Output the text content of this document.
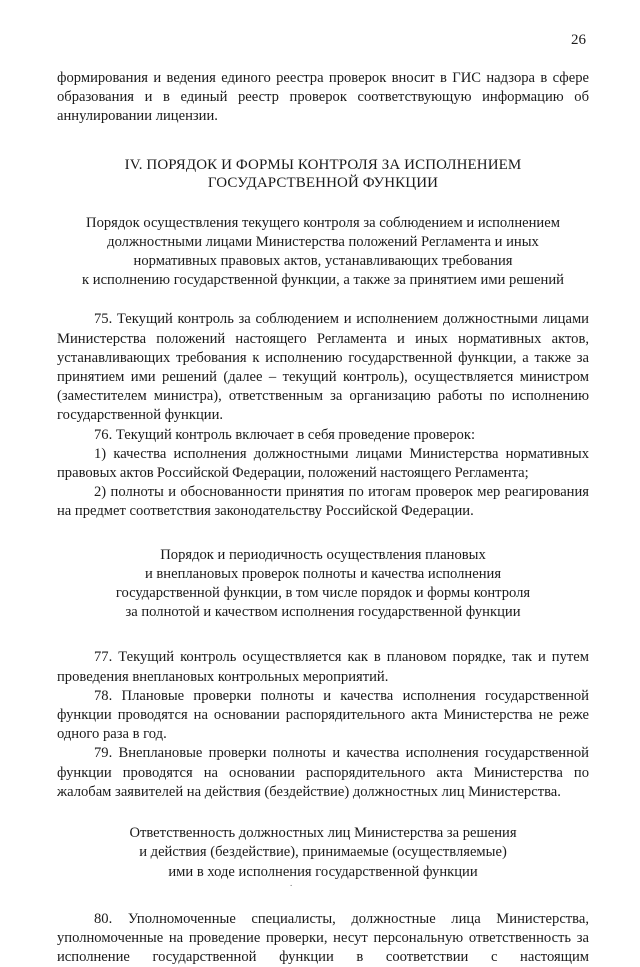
26

формирования и ведения единого реестра проверок вносит в ГИС надзора в сфере образования и в единый реестр проверок соответствующую информацию об аннулировании лицензии.

IV. ПОРЯДОК И ФОРМЫ КОНТРОЛЯ ЗА ИСПОЛНЕНИЕМ
ГОСУДАРСТВЕННОЙ ФУНКЦИИ
Порядок осуществления текущего контроля за соблюдением и исполнением
должностными лицами Министерства положений Регламента и иных
нормативных правовых актов, устанавливающих требования
к исполнению государственной функции, а также за принятием ими решений

75. Текущий контроль за соблюдением и исполнением должностными лицами Министерства положений настоящего Регламента и иных нормативных актов, устанавливающих требования к исполнению государственной функции, а также за принятием ими решений (далее – текущий контроль), осуществляется министром (заместителем министра), ответственным за организацию работы по исполнению государственной функции.

76. Текущий контроль включает в себя проведение проверок:

1) качества исполнения должностными лицами Министерства нормативных правовых актов Российской Федерации, положений настоящего Регламента;

2) полноты и обоснованности принятия по итогам проверок мер реагирования на предмет соответствия законодательству Российской Федерации.

Порядок и периодичность осуществления плановых
и внеплановых проверок полноты и качества исполнения
государственной функции, в том числе порядок и формы контроля
за полнотой и качеством исполнения государственной функции

77. Текущий контроль осуществляется как в плановом порядке, так и путем проведения внеплановых контрольных мероприятий.

78. Плановые проверки полноты и качества исполнения государственной функции проводятся на основании распорядительного акта Министерства не реже одного раза в год.

79. Внеплановые проверки полноты и качества исполнения государственной функции проводятся на основании распорядительного акта Министерства по жалобам заявителей на действия (бездействие) должностных лиц Министерства.

Ответственность должностных лиц Министерства за решения
и действия (бездействие), принимаемые (осуществляемые)
ими в ходе исполнения государственной функции

80. Уполномоченные специалисты, должностные лица Министерства, уполномоченные на проведение проверки, несут персональную ответственность за исполнение государственной функции в соответствии с настоящим

.
